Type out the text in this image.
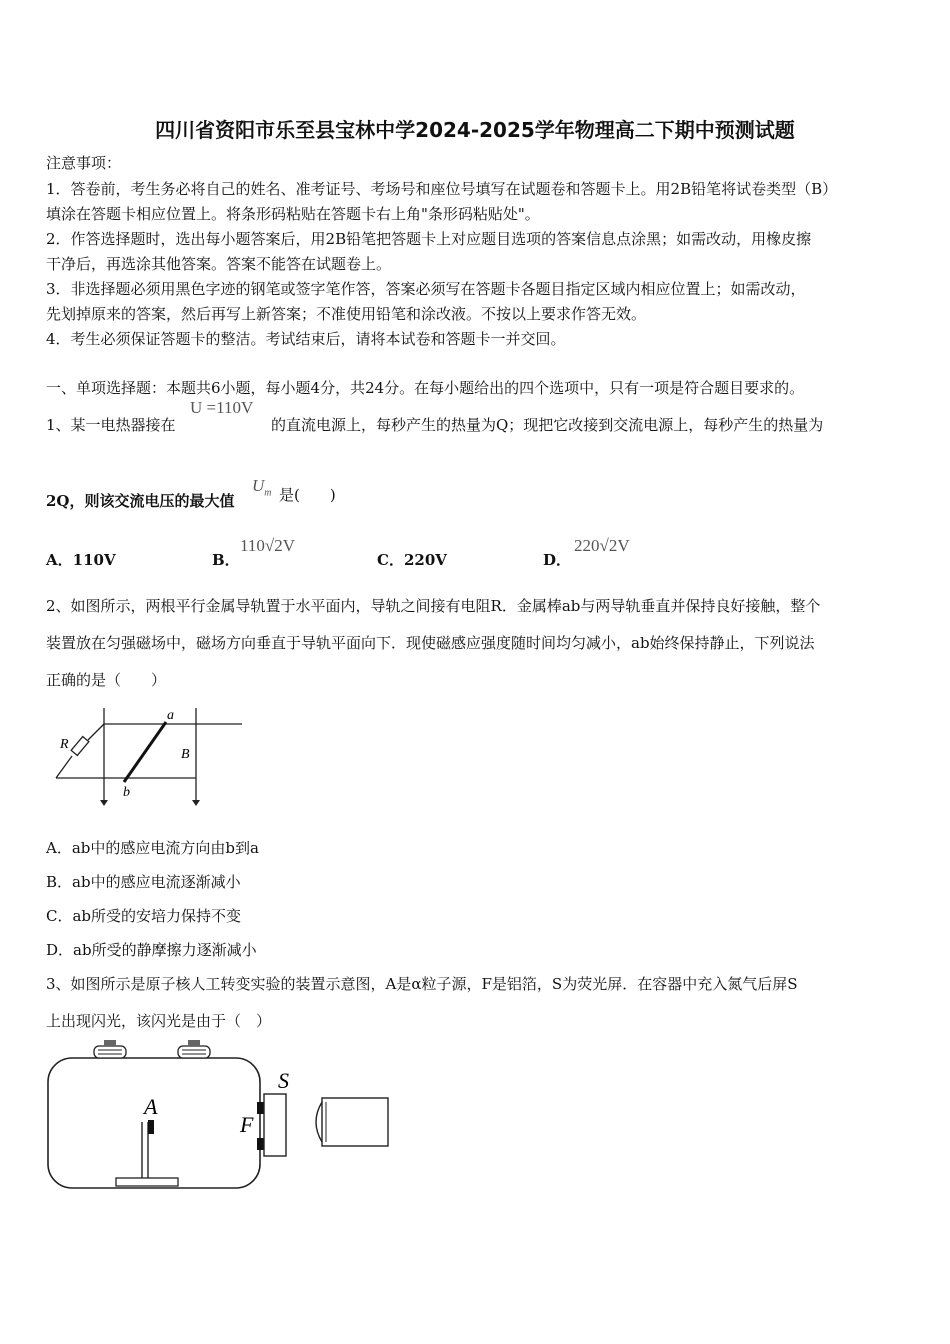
四川省资阳市乐至县宝林中学2024-2025学年物理高二下期中预测试题
注意事项：
1．答卷前，考生务必将自己的姓名、准考证号、考场号和座位号填写在试题卷和答题卡上。用2B铅笔将试卷类型（B）
填涂在答题卡相应位置上。将条形码粘贴在答题卡右上角"条形码粘贴处"。
2．作答选择题时，选出每小题答案后，用2B铅笔把答题卡上对应题目选项的答案信息点涂黑；如需改动，用橡皮擦
干净后，再选涂其他答案。答案不能答在试题卷上。
3．非选择题必须用黑色字迹的钢笔或签字笔作答，答案必须写在答题卡各题目指定区域内相应位置上；如需改动，
先划掉原来的答案，然后再写上新答案；不准使用铅笔和涂改液。不按以上要求作答无效。
4．考生必须保证答题卡的整洁。考试结束后，请将本试卷和答题卡一并交回。
一、单项选择题：本题共6小题，每小题4分，共24分。在每小题给出的四个选项中，只有一项是符合题目要求的。
1、某一电热器接在
U =110V
的直流电源上，每秒产生的热量为Q；现把它改接到交流电源上，每秒产生的热量为
2Q，则该交流电压的最大值
$U_m$ 是(　　)
A．110V	B．
110√2V
C．220V	D．
220√2V
2、如图所示，两根平行金属导轨置于水平面内，导轨之间接有电阻R．金属棒ab与两导轨垂直并保持良好接触，整个
装置放在匀强磁场中，磁场方向垂直于导轨平面向下．现使磁感应强度随时间均匀减小，ab始终保持静止，下列说法
正确的是（　　）
R
a
b
B
A．ab中的感应电流方向由b到a
B．ab中的感应电流逐渐减小
C．ab所受的安培力保持不变
D．ab所受的静摩擦力逐渐减小
3、如图所示是原子核人工转变实验的装置示意图，A是α粒子源，F是铝箔，S为荧光屏．在容器中充入氮气后屏S
上出现闪光，该闪光是由于（　）
A
F
S
